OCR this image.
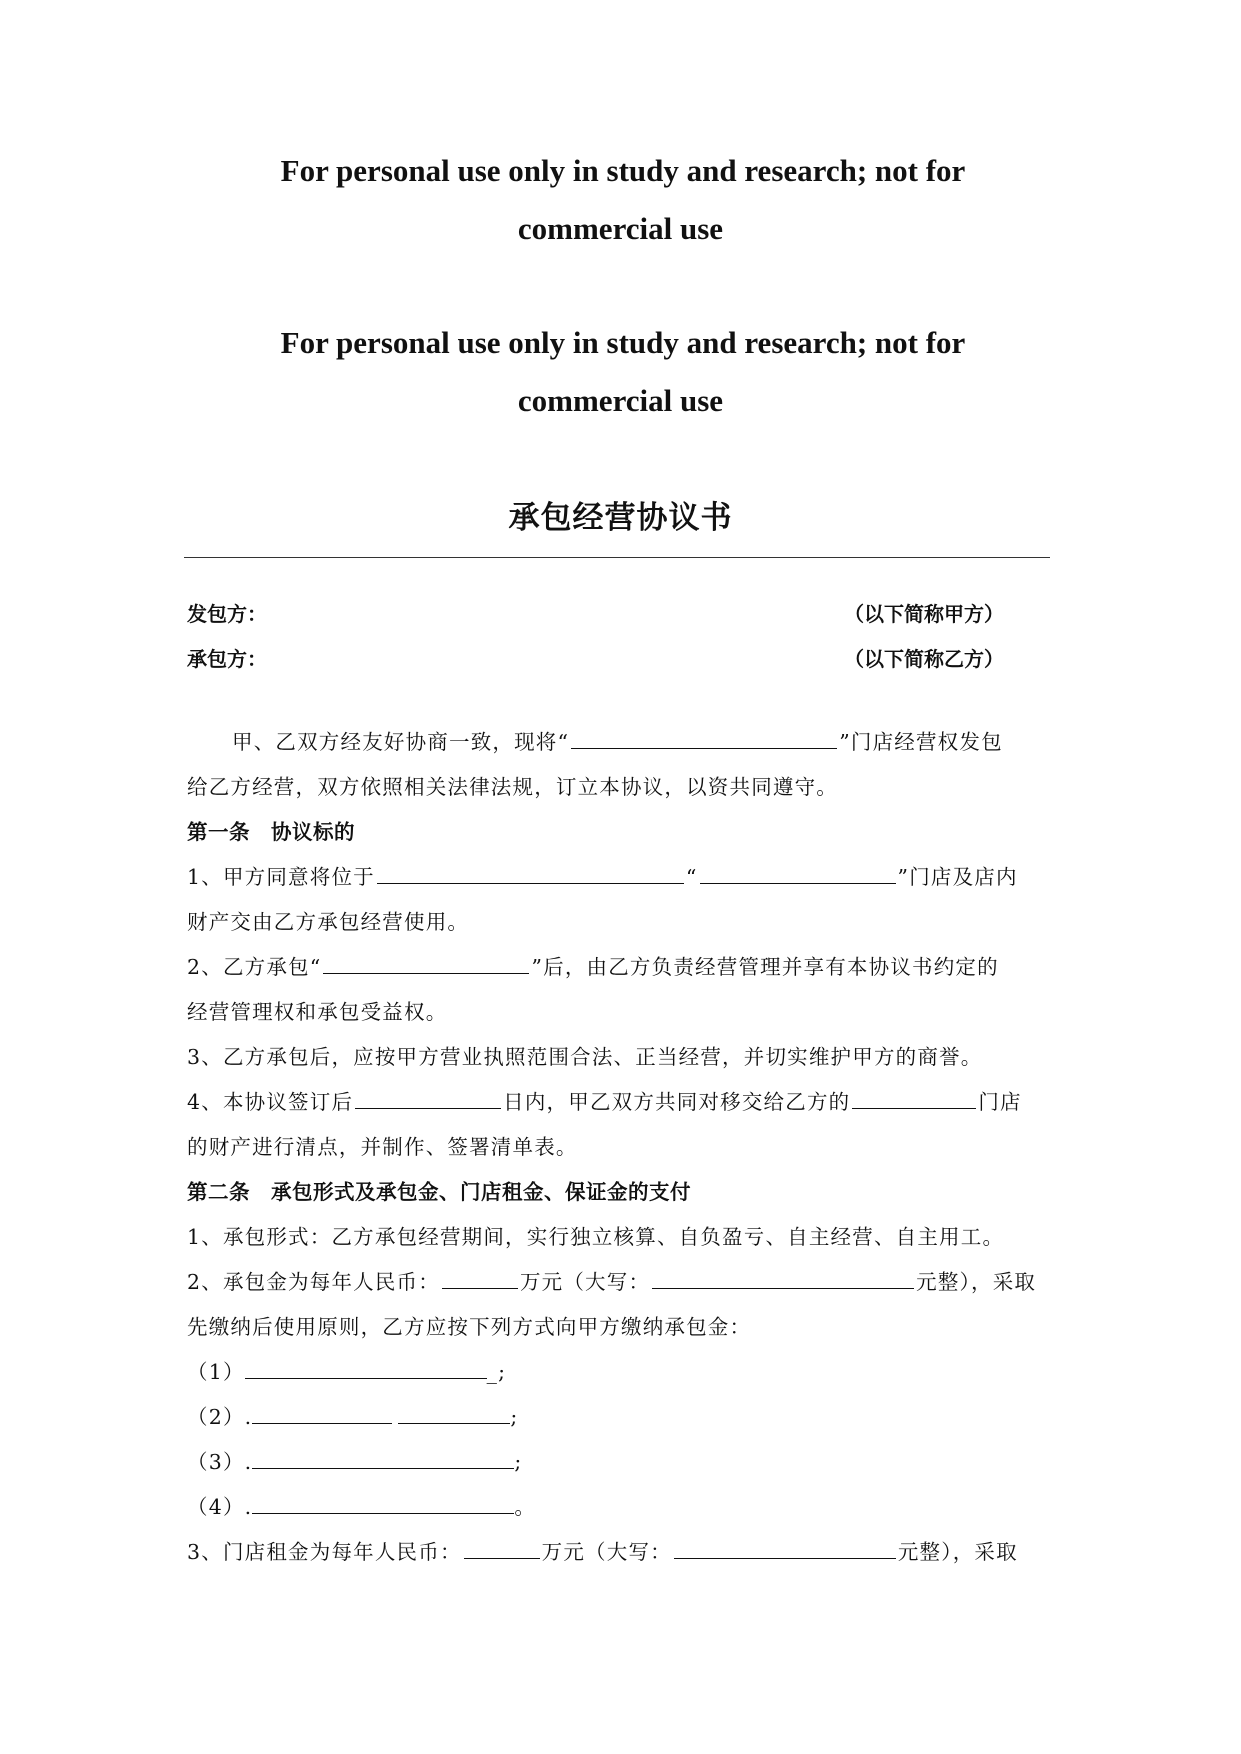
For personal use only in study and research; not for
commercial use
For personal use only in study and research; not for
commercial use
承包经营协议书
发包方：	（以下简称甲方）
承包方：	（以下简称乙方）
甲、乙双方经友好协商一致，现将“	”门店经营权发包
给乙方经营，双方依照相关法律法规，订立本协议，以资共同遵守。
第一条　协议标的
1、甲方同意将位于	“	”门店及店内
财产交由乙方承包经营使用。
2、乙方承包“	”后，由乙方负责经营管理并享有本协议书约定的
经营管理权和承包受益权。
3、乙方承包后，应按甲方营业执照范围合法、正当经营，并切实维护甲方的商誉。
4、本协议签订后	日内，甲乙双方共同对移交给乙方的	门店
的财产进行清点，并制作、签署清单表。
第二条　承包形式及承包金、门店租金、保证金的支付
1、承包形式：乙方承包经营期间，实行独立核算、自负盈亏、自主经营、自主用工。
2、承包金为每年人民币：	万元（大写：	元整），采取
先缴纳后使用原则，乙方应按下列方式向甲方缴纳承包金：
（1）	_;
（2）.	;
（3）.	;
（4）.	。
3、门店租金为每年人民币：	万元（大写：	元整），采取
